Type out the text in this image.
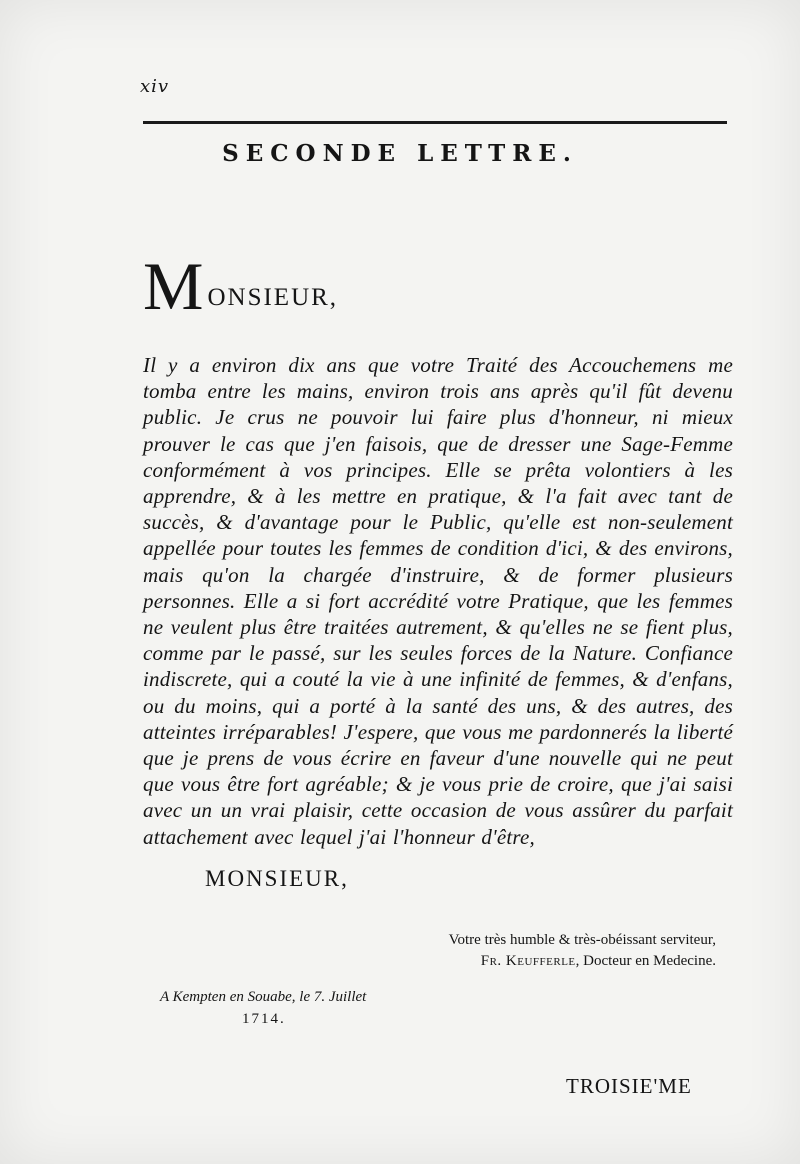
xiv
SECONDE LETTRE.
M ONSIEUR,

Il y a environ dix ans que votre Traité des Accouchemens me tomba entre les mains, environ trois ans après qu'il fût devenu public. Je crus ne pouvoir lui faire plus d'honneur, ni mieux prouver le cas que j'en faisois, que de dresser une Sage-Femme conformément à vos principes. Elle se prêta volontiers à les apprendre, & à les mettre en pratique, & l'a fait avec tant de succès, & d'avantage pour le Public, qu'elle est non-seulement appellée pour toutes les femmes de condition d'ici, & des environs, mais qu'on la chargée d'instruire, & de former plusieurs personnes. Elle a si fort accrédité votre Pratique, que les femmes ne veulent plus être traitées autrement, & qu'elles ne se fient plus, comme par le passé, sur les seules forces de la Nature. Confiance indiscrete, qui a couté la vie à une infinité de femmes, & d'enfans, ou du moins, qui a porté à la santé des uns, & des autres, des atteintes irréparables! J'espere, que vous me pardonnerés la liberté que je prens de vous écrire en faveur d'une nouvelle qui ne peut que vous être fort agréable; & je vous prie de croire, que j'ai saisi avec un un vrai plaisir, cette occasion de vous assûrer du parfait attachement avec lequel j'ai l'honneur d'être,

MONSIEUR,
Votre très humble & très-obéissant serviteur,
Fr. Keufferle, Docteur en Medecine.
A Kempten en Souabe, le 7. Juillet
1714.
TROISIE'ME
